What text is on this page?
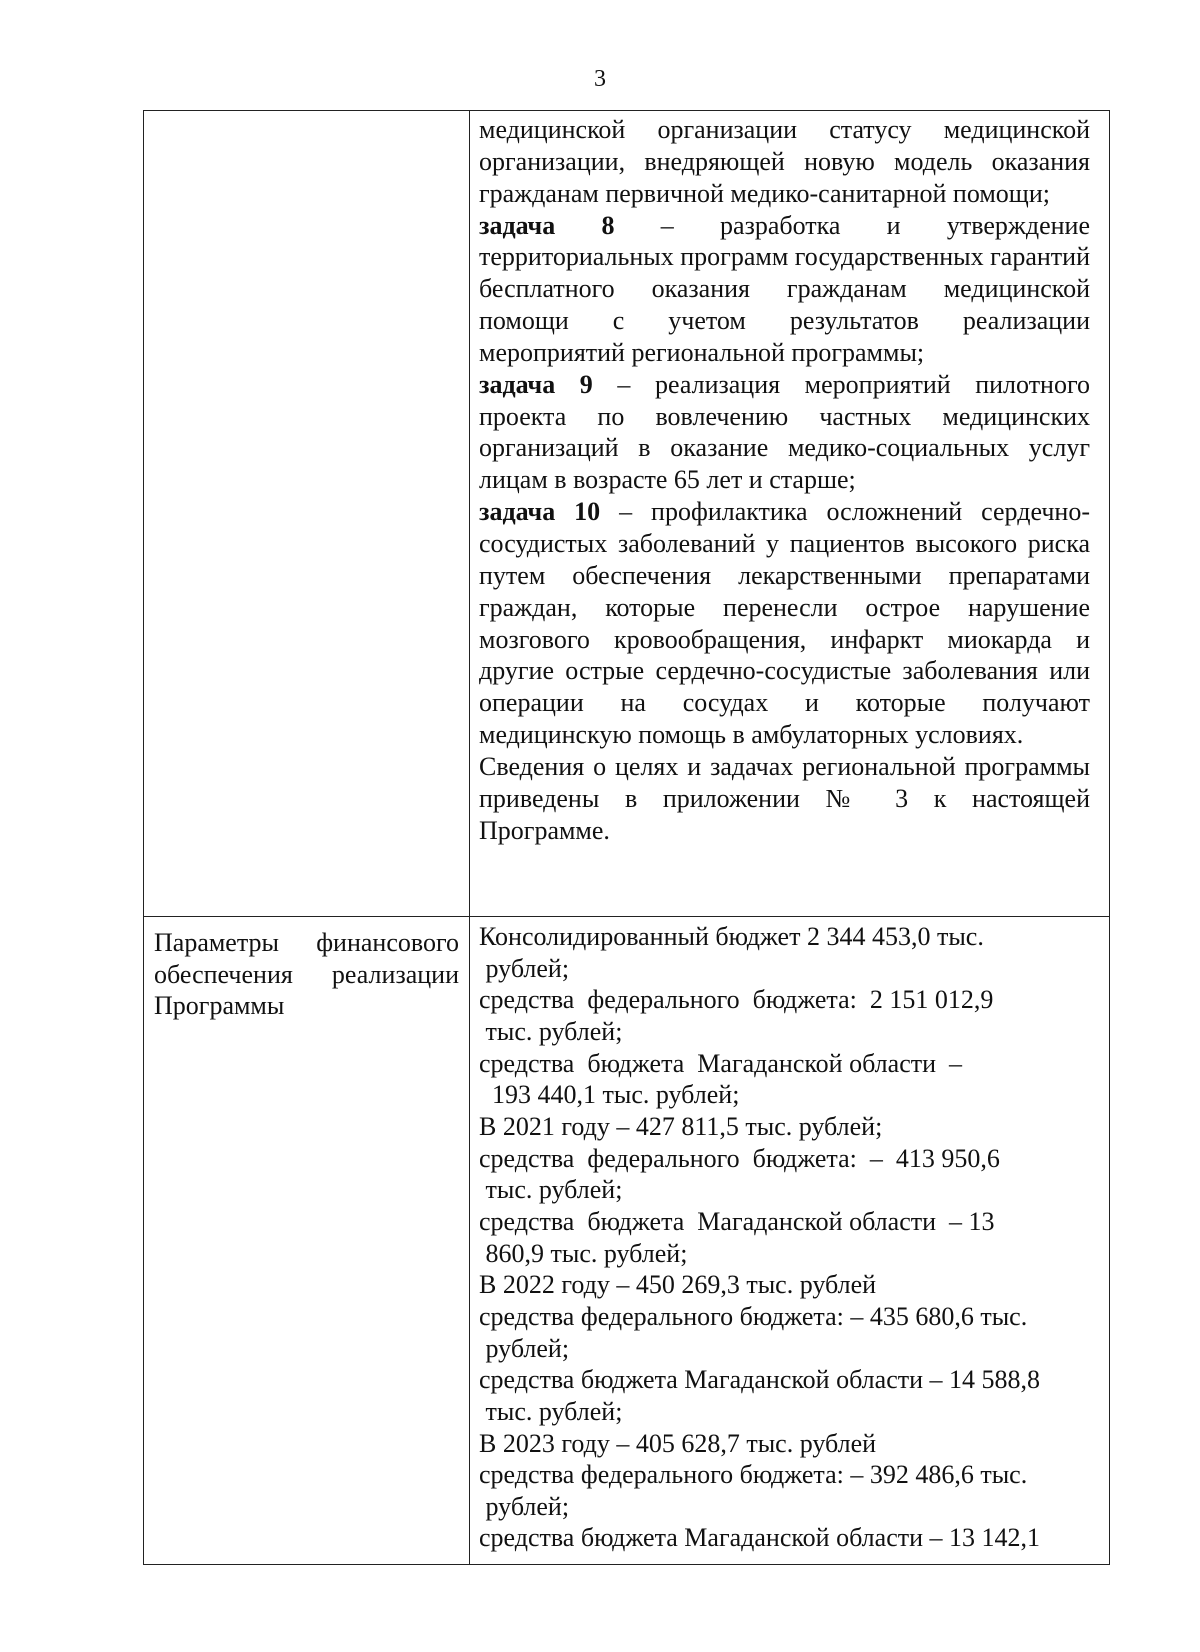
3

медицинской организации статусу медицинской организации, внедряющей новую модель оказания гражданам первичной медико-санитарной помощи;

задача 8 – разработка и утверждение территориальных программ государственных гарантий бесплатного оказания гражданам медицинской помощи с учетом результатов реализации мероприятий региональной программы;

задача 9 – реализация мероприятий пилотного проекта по вовлечению частных медицинских организаций в оказание медико-социальных услуг лицам в возрасте 65 лет и старше;

задача 10 – профилактика осложнений сердечно-сосудистых заболеваний у пациентов высокого риска путем обеспечения лекарственными препаратами граждан, которые перенесли острое нарушение мозгового кровообращения, инфаркт миокарда и другие острые сердечно-сосудистые заболевания или операции на сосудах и которые получают медицинскую помощь в амбулаторных условиях.

Сведения о целях и задачах региональной программы приведены в приложении № 3 к настоящей Программе.

Параметры финансового обеспечения реализации Программы

Консолидированный бюджет 2 344 453,0 тыс.
рублей;
средства  федерального  бюджета:  2 151 012,9
тыс. рублей;
средства  бюджета  Магаданской области  –
193 440,1 тыс. рублей;
В 2021 году – 427 811,5 тыс. рублей;
средства  федерального  бюджета:  –  413 950,6
тыс. рублей;
средства  бюджета  Магаданской области  – 13
860,9 тыс. рублей;
В 2022 году – 450 269,3 тыс. рублей
средства федерального бюджета: – 435 680,6 тыс.
рублей;
средства бюджета Магаданской области – 14 588,8
тыс. рублей;
В 2023 году – 405 628,7 тыс. рублей
средства федерального бюджета: – 392 486,6 тыс.
рублей;
средства бюджета Магаданской области – 13 142,1
